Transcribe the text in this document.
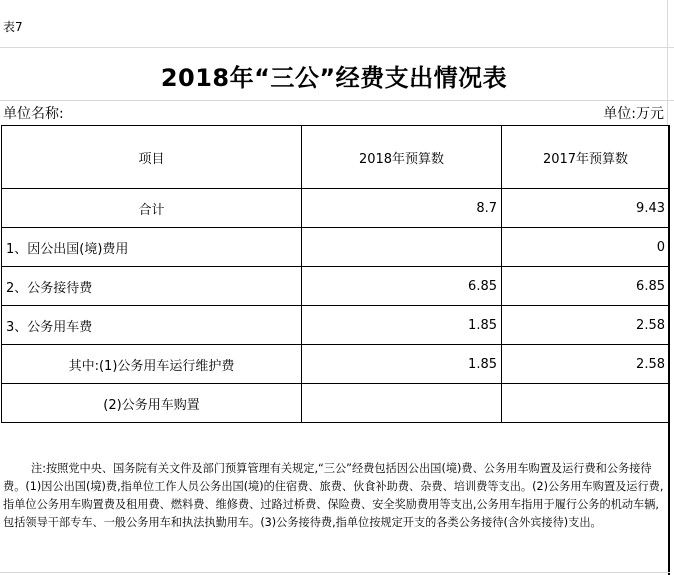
表7
2018年“三公”经费支出情况表
单位名称:	单位:万元
项目	2018年预算数	2017年预算数
合计	8.7	9.43
1、因公出国(境)费用		0
2、公务接待费	6.85	6.85
3、公务用车费	1.85	2.58
其中:(1)公务用车运行维护费	1.85	2.58
(2)公务用车购置		
注:按照党中央、国务院有关文件及部门预算管理有关规定,“三公”经费包括因公出国(境)费、公务用车购置及运行费和公务接待费。(1)因公出国(境)费,指单位工作人员公务出国(境)的住宿费、旅费、伙食补助费、杂费、培训费等支出。(2)公务用车购置及运行费,指单位公务用车购置费及租用费、燃料费、维修费、过路过桥费、保险费、安全奖励费用等支出,公务用车指用于履行公务的机动车辆,包括领导干部专车、一般公务用车和执法执勤用车。(3)公务接待费,指单位按规定开支的各类公务接待(含外宾接待)支出。
